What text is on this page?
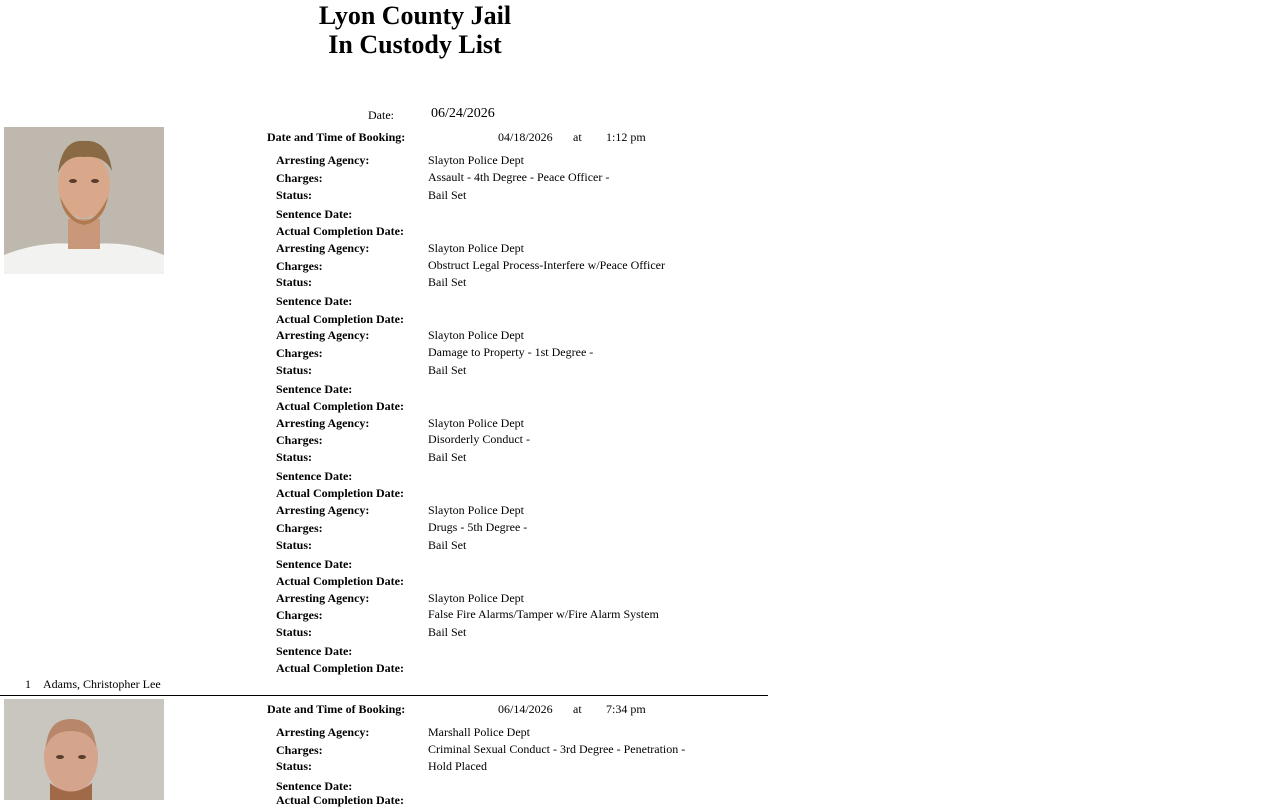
Lyon County Jail
In Custody List
Date:	06/24/2026
Date and Time of Booking:	04/18/2026 at 1:12 pm
Arresting Agency:	Slayton Police Dept
Charges:	Assault - 4th Degree - Peace Officer -
Status:	Bail Set
Sentence Date:
Actual Completion Date:
Arresting Agency:	Slayton Police Dept
Charges:	Obstruct Legal Process-Interfere w/Peace Officer
Status:	Bail Set
Sentence Date:
Actual Completion Date:
Arresting Agency:	Slayton Police Dept
Charges:	Damage to Property - 1st Degree -
Status:	Bail Set
Sentence Date:
Actual Completion Date:
Arresting Agency:	Slayton Police Dept
Charges:	Disorderly Conduct -
Status:	Bail Set
Sentence Date:
Actual Completion Date:
Arresting Agency:	Slayton Police Dept
Charges:	Drugs - 5th Degree -
Status:	Bail Set
Sentence Date:
Actual Completion Date:
Arresting Agency:	Slayton Police Dept
Charges:	False Fire Alarms/Tamper w/Fire Alarm System
Status:	Bail Set
Sentence Date:
Actual Completion Date:
1 Adams, Christopher Lee
Date and Time of Booking:	06/14/2026 at 7:34 pm
Arresting Agency:	Marshall Police Dept
Charges:	Criminal Sexual Conduct - 3rd Degree - Penetration -
Status:	Hold Placed
Sentence Date:
Actual Completion Date:
